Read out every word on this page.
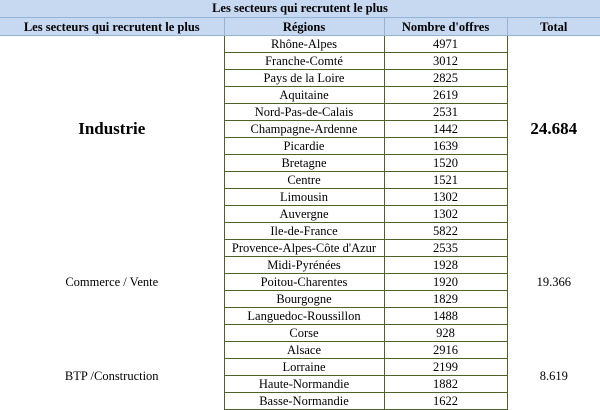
Les secteurs qui recrutent le plus
Les secteurs qui recrutent le plus	Régions	Nombre d'offres	Total
Industrie	Rhône-Alpes	4971	24.684
	Franche-Comté	3012	
	Pays de la Loire	2825	
	Aquitaine	2619	
	Nord-Pas-de-Calais	2531	
	Champagne-Ardenne	1442	
	Picardie	1639	
	Bretagne	1520	
	Centre	1521	
	Limousin	1302	
	Auvergne	1302	
Commerce / Vente	Ile-de-France	5822	19.366
	Provence-Alpes-Côte d'Azur	2535	
	Midi-Pyrénées	1928	
	Poitou-Charentes	1920	
	Bourgogne	1829	
	Languedoc-Roussillon	1488	
	Corse	928	
BTP /Construction	Alsace	2916	8.619
	Lorraine	2199	
	Haute-Normandie	1882	
	Basse-Normandie	1622	
